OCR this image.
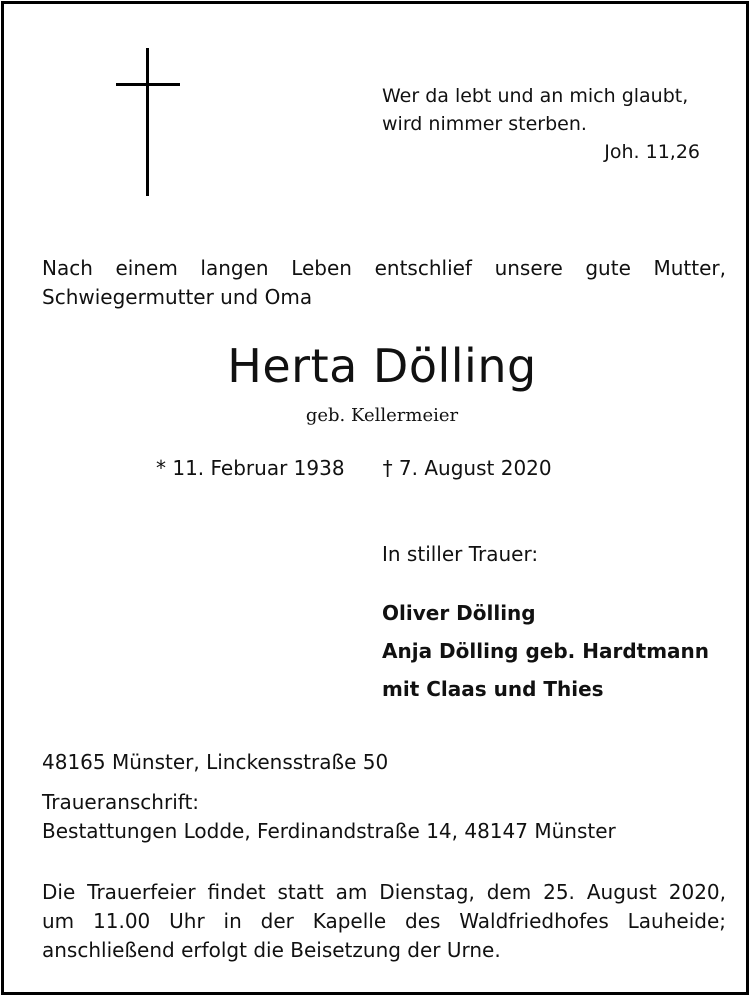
Wer da lebt und an mich glaubt,
wird nimmer sterben.
Joh. 11,26
Nach einem langen Leben entschlief unsere gute Mutter,
Schwiegermutter und Oma
Herta Dölling
geb. Kellermeier
* 11. Februar 1938 † 7. August 2020
In stiller Trauer:
Oliver Dölling
Anja Dölling geb. Hardtmann
mit Claas und Thies
48165 Münster, Linckensstraße 50
Traueranschrift:
Bestattungen Lodde, Ferdinandstraße 14, 48147 Münster
Die Trauerfeier findet statt am Dienstag, dem 25. August 2020,
um 11.00 Uhr in der Kapelle des Waldfriedhofes Lauheide;
anschließend erfolgt die Beisetzung der Urne.
